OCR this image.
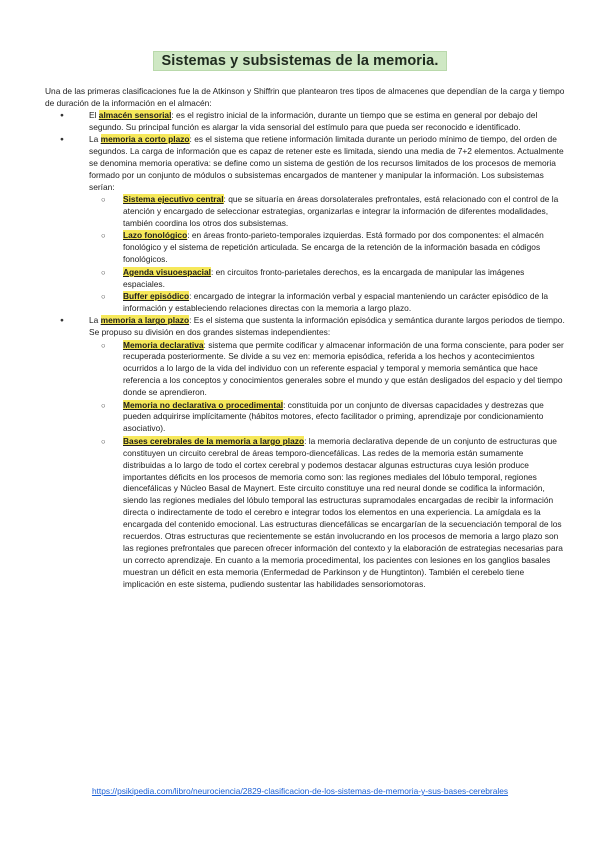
Sistemas y subsistemas de la memoria.

Una de las primeras clasificaciones fue la de Atkinson y Shiffrin que plantearon tres tipos de almacenes que dependían de la carga y tiempo de duración de la información en el almacén:

● El almacén sensorial: es el registro inicial de la información, durante un tiempo que se estima en general por debajo del segundo. Su principal función es alargar la vida sensorial del estímulo para que pueda ser reconocido e identificado.
● La memoria a corto plazo: es el sistema que retiene información limitada durante un periodo mínimo de tiempo, del orden de segundos. La carga de información que es capaz de retener este es limitada, siendo una media de 7+2 elementos. Actualmente se denomina memoria operativa: se define como un sistema de gestión de los recursos limitados de los procesos de memoria formado por un conjunto de módulos o subsistemas encargados de mantener y manipular la información. Los subsistemas serían:
○ Sistema ejecutivo central: que se situaría en áreas dorsolaterales prefrontales, está relacionado con el control de la atención y encargado de seleccionar estrategias, organizarlas e integrar la información de diferentes modalidades, también coordina los otros dos subsistemas.
○ Lazo fonológico: en áreas fronto-parieto-temporales izquierdas. Está formado por dos componentes: el almacén fonológico y el sistema de repetición articulada. Se encarga de la retención de la información basada en códigos fonológicos.
○ Agenda visuoespacial: en circuitos fronto-parietales derechos, es la encargada de manipular las imágenes espaciales.
○ Buffer episódico: encargado de integrar la información verbal y espacial manteniendo un carácter episódico de la información y estableciendo relaciones directas con la memoria a largo plazo.
● La memoria a largo plazo: Es el sistema que sustenta la información episódica y semántica durante largos periodos de tiempo. Se propuso su división en dos grandes sistemas independientes:
○ Memoria declarativa: sistema que permite codificar y almacenar información de una forma consciente, para poder ser recuperada posteriormente. Se divide a su vez en: memoria episódica, referida a los hechos y acontecimientos ocurridos a lo largo de la vida del individuo con un referente espacial y temporal y memoria semántica que hace referencia a los conceptos y conocimientos generales sobre el mundo y que están desligados del espacio y del tiempo donde se aprendieron.
○ Memoria no declarativa o procedimental: constituida por un conjunto de diversas capacidades y destrezas que pueden adquirirse implícitamente (hábitos motores, efecto facilitador o priming, aprendizaje por condicionamiento asociativo).
○ Bases cerebrales de la memoria a largo plazo: la memoria declarativa depende de un conjunto de estructuras que constituyen un circuito cerebral de áreas temporo-diencefálicas. Las redes de la memoria están sumamente distribuidas a lo largo de todo el cortex cerebral y podemos destacar algunas estructuras cuya lesión produce importantes déficits en los procesos de memoria como son: las regiones mediales del lóbulo temporal, regiones diencefálicas y Núcleo Basal de Maynert. Este circuito constituye una red neural donde se codifica la información, siendo las regiones mediales del lóbulo temporal las estructuras supramodales encargadas de recibir la información directa o indirectamente de todo el cerebro e integrar todos los elementos en una experiencia. La amígdala es la encargada del contenido emocional. Las estructuras diencefálicas se encargarían de la secuenciación temporal de los recuerdos. Otras estructuras que recientemente se están involucrando en los procesos de memoria a largo plazo son las regiones prefrontales que parecen ofrecer información del contexto y la elaboración de estrategias necesarias para un correcto aprendizaje. En cuanto a la memoria procedimental, los pacientes con lesiones en los ganglios basales muestran un déficit en esta memoria (Enfermedad de Parkinson y de Hungtinton). También el cerebelo tiene implicación en este sistema, pudiendo sustentar las habilidades sensoriomotoras.
https://psikipedia.com/libro/neurociencia/2829-clasificacion-de-los-sistemas-de-memoria-y-sus-bases-cerebrales
